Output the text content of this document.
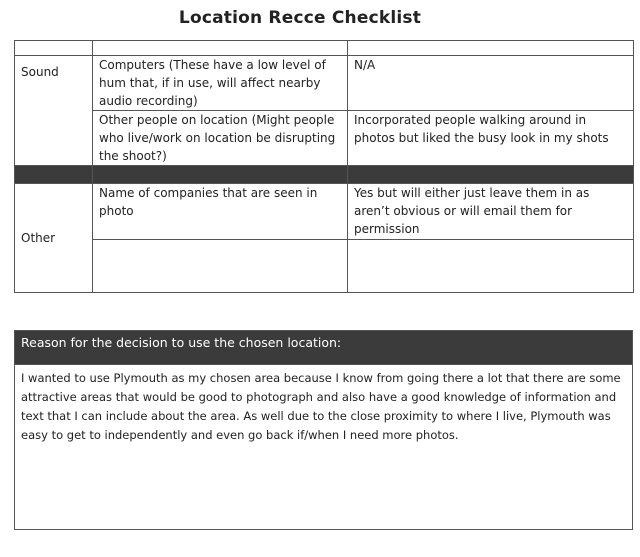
Location Recce Checklist

Sound	Computers (These have a low level of hum that, if in use, will affect nearby audio recording)	N/A
	Other people on location (Might people who live/work on location be disrupting the shoot?)	Incorporated people walking around in photos but liked the busy look in my shots

Other	Name of companies that are seen in photo	Yes but will either just leave them in as aren’t obvious or will email them for permission

Reason for the decision to use the chosen location:
I wanted to use Plymouth as my chosen area because I know from going there a lot that there are some attractive areas that would be good to photograph and also have a good knowledge of information and text that I can include about the area. As well due to the close proximity to where I live, Plymouth was easy to get to independently and even go back if/when I need more photos.
